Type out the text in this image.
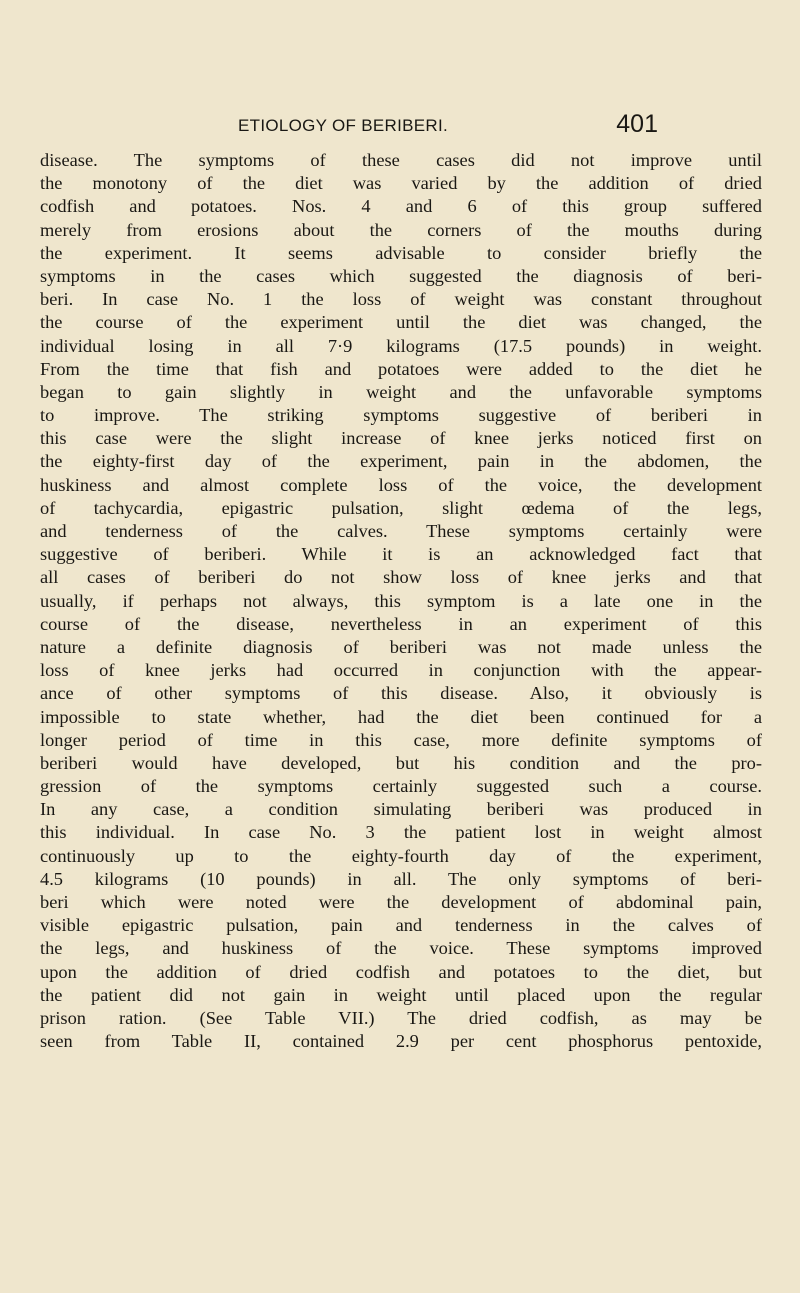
ETIOLOGY OF BERIBERI.	401
disease. The symptoms of these cases did not improve until
the monotony of the diet was varied by the addition of dried
codfish and potatoes. Nos. 4 and 6 of this group suffered
merely from erosions about the corners of the mouths during
the experiment. It seems advisable to consider briefly the
symptoms in the cases which suggested the diagnosis of beri-
beri. In case No. 1 the loss of weight was constant throughout
the course of the experiment until the diet was changed, the
individual losing in all 7·9 kilograms (17.5 pounds) in weight.
From the time that fish and potatoes were added to the diet he
began to gain slightly in weight and the unfavorable symptoms
to improve. The striking symptoms suggestive of beriberi in
this case were the slight increase of knee jerks noticed first on
the eighty-first day of the experiment, pain in the abdomen, the
huskiness and almost complete loss of the voice, the development
of tachycardia, epigastric pulsation, slight œdema of the legs,
and tenderness of the calves. These symptoms certainly were
suggestive of beriberi. While it is an acknowledged fact that
all cases of beriberi do not show loss of knee jerks and that
usually, if perhaps not always, this symptom is a late one in the
course of the disease, nevertheless in an experiment of this
nature a definite diagnosis of beriberi was not made unless the
loss of knee jerks had occurred in conjunction with the appear-
ance of other symptoms of this disease. Also, it obviously is
impossible to state whether, had the diet been continued for a
longer period of time in this case, more definite symptoms of
beriberi would have developed, but his condition and the pro-
gression of the symptoms certainly suggested such a course.
In any case, a condition simulating beriberi was produced in
this individual. In case No. 3 the patient lost in weight almost
continuously up to the eighty-fourth day of the experiment,
4.5 kilograms (10 pounds) in all. The only symptoms of beri-
beri which were noted were the development of abdominal pain,
visible epigastric pulsation, pain and tenderness in the calves of
the legs, and huskiness of the voice. These symptoms improved
upon the addition of dried codfish and potatoes to the diet, but
the patient did not gain in weight until placed upon the regular
prison ration. (See Table VII.) The dried codfish, as may be
seen from Table II, contained 2.9 per cent phosphorus pentoxide,
